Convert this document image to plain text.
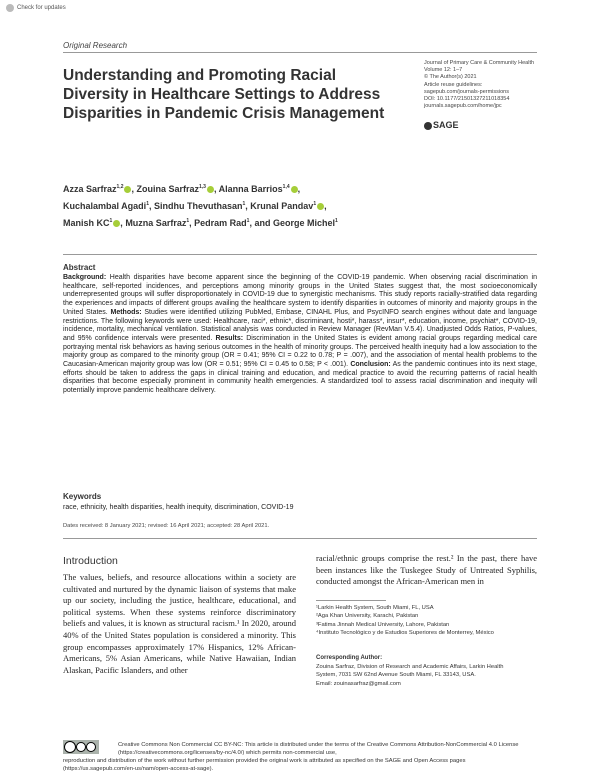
Check for updates
Original Research
Understanding and Promoting Racial Diversity in Healthcare Settings to Address Disparities in Pandemic Crisis Management
Journal of Primary Care & Community Health
Volume 12: 1–7
© The Author(s) 2021
Article reuse guidelines:
sagepub.com/journals-permissions
DOI: 10.1177/21501327211018354
journals.sagepub.com/home/jpc
SAGE
Azza Sarfraz$^{1,2}$ , Zouina Sarfraz$^{1,3}$ , Alanna Barrios$^{1,4}$ ,
Kuchalambal Agadi$^1$, Sindhu Thevuthasan$^1$, Krunal Pandav$^1$ ,
Manish $KC^1$ , Muzna Sarfraz$^1$, Pedram Rad$^1$, and George Michel$^1$
Abstract
Background: Health disparities have become apparent since the beginning of the COVID-19 pandemic. When observing racial discrimination in healthcare, self-reported incidences, and perceptions among minority groups in the United States suggest that, the most socioeconomically underrepresented groups will suffer disproportionately in COVID-19 due to synergistic mechanisms. This study reports racially-stratified data regarding the experiences and impacts of different groups availing the healthcare system to identify disparities in outcomes of minority and majority groups in the United States. Methods: Studies were identified utilizing PubMed, Embase, CINAHL Plus, and PsycINFO search engines without date and language restrictions. The following keywords were used: Healthcare, raci*, ethnic*, discriminant, hosti*, harass*, insur*, education, income, psychiat*, COVID-19, incidence, mortality, mechanical ventilation. Statistical analysis was conducted in Review Manager (RevMan V.5.4). Unadjusted Odds Ratios, P-values, and 95% confidence intervals were presented. Results: Discrimination in the United States is evident among racial groups regarding medical care portraying mental risk behaviors as having serious outcomes in the health of minority groups. The perceived health inequity had a low association to the majority group as compared to the minority group (OR = 0.41; 95% CI = 0.22 to 0.78; P = .007), and the association of mental health problems to the Caucasian-American majority group was low (OR = 0.51; 95% CI = 0.45 to 0.58; P < .001). Conclusion: As the pandemic continues into its next stage, efforts should be taken to address the gaps in clinical training and education, and medical practice to avoid the recurring patterns of racial health disparities that become especially prominent in community health emergencies. A standardized tool to assess racial discrimination and inequity will potentially improve pandemic healthcare delivery.
Keywords
race, ethnicity, health disparities, health inequity, discrimination, COVID-19
Dates received: 8 January 2021; revised: 16 April 2021; accepted: 28 April 2021.
Introduction
The values, beliefs, and resource allocations within a society are cultivated and nurtured by the dynamic liaison of systems that make up our society, including the justice, healthcare, educational, and political systems. When these systems reinforce discriminatory beliefs and values, it is known as structural racism.¹ In 2020, around 40% of the United States population is considered a minority. This group encompasses approximately 17% Hispanics, 12% African-Americans, 5% Asian Americans, while Native Hawaiian, Indian Alaskan, Pacific Islanders, and other
racial/ethnic groups comprise the rest.² In the past, there have been instances like the Tuskegee Study of Untreated Syphilis, conducted amongst the African-American men in
¹Larkin Health System, South Miami, FL, USA
²Aga Khan University, Karachi, Pakistan
³Fatima Jinnah Medical University, Lahore, Pakistan
⁴Instituto Tecnológico y de Estudios Superiores de Monterrey, México
Corresponding Author:
Zouina Sarfraz, Division of Research and Academic Affairs, Larkin Health
System, 7031 SW 62nd Avenue South Miami, FL 33143, USA.
Email: zouinasarfraz@gmail.com
Creative Commons Non Commercial CC BY-NC: This article is distributed under the terms of the Creative Commons Attribution-NonCommercial 4.0 License (https://creativecommons.org/licenses/by-nc/4.0/) which permits non-commercial use,
reproduction and distribution of the work without further permission provided the original work is attributed as specified on the SAGE and Open Access pages (https://us.sagepub.com/en-us/nam/open-access-at-sage).
